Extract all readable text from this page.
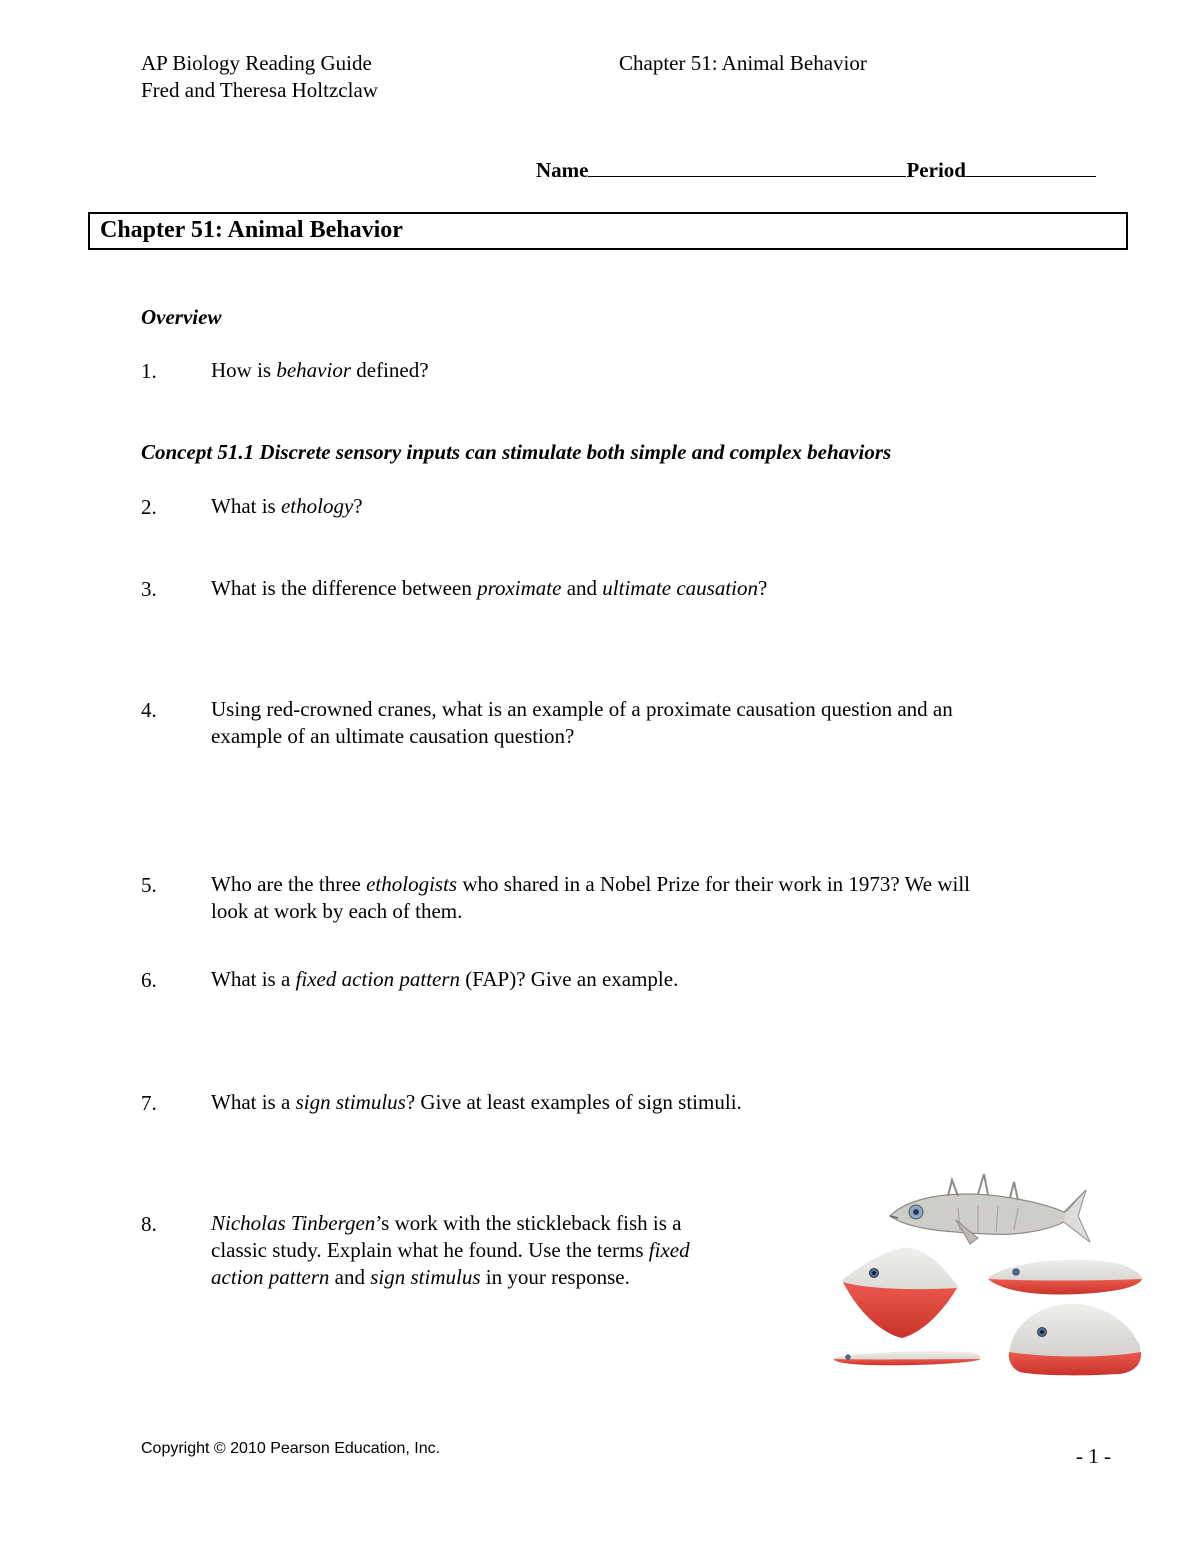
AP Biology Reading Guide
Fred and Theresa Holtzclaw
Chapter 51: Animal Behavior
Name	Period
Chapter 51: Animal Behavior
Overview
1.	How is behavior defined?
Concept 51.1 Discrete sensory inputs can stimulate both simple and complex behaviors
2.	What is ethology?
3.	What is the difference between proximate and ultimate causation?
4.	Using red-crowned cranes, what is an example of a proximate causation question and an
example of an ultimate causation question?
5.	Who are the three ethologists who shared in a Nobel Prize for their work in 1973? We will
look at work by each of them.
6.	What is a fixed action pattern (FAP)? Give an example.
7.	What is a sign stimulus? Give at least examples of sign stimuli.
8.	Nicholas Tinbergen’s work with the stickleback fish is a
classic study. Explain what he found. Use the terms fixed
action pattern and sign stimulus in your response.
Copyright © 2010 Pearson Education, Inc.	- 1 -
